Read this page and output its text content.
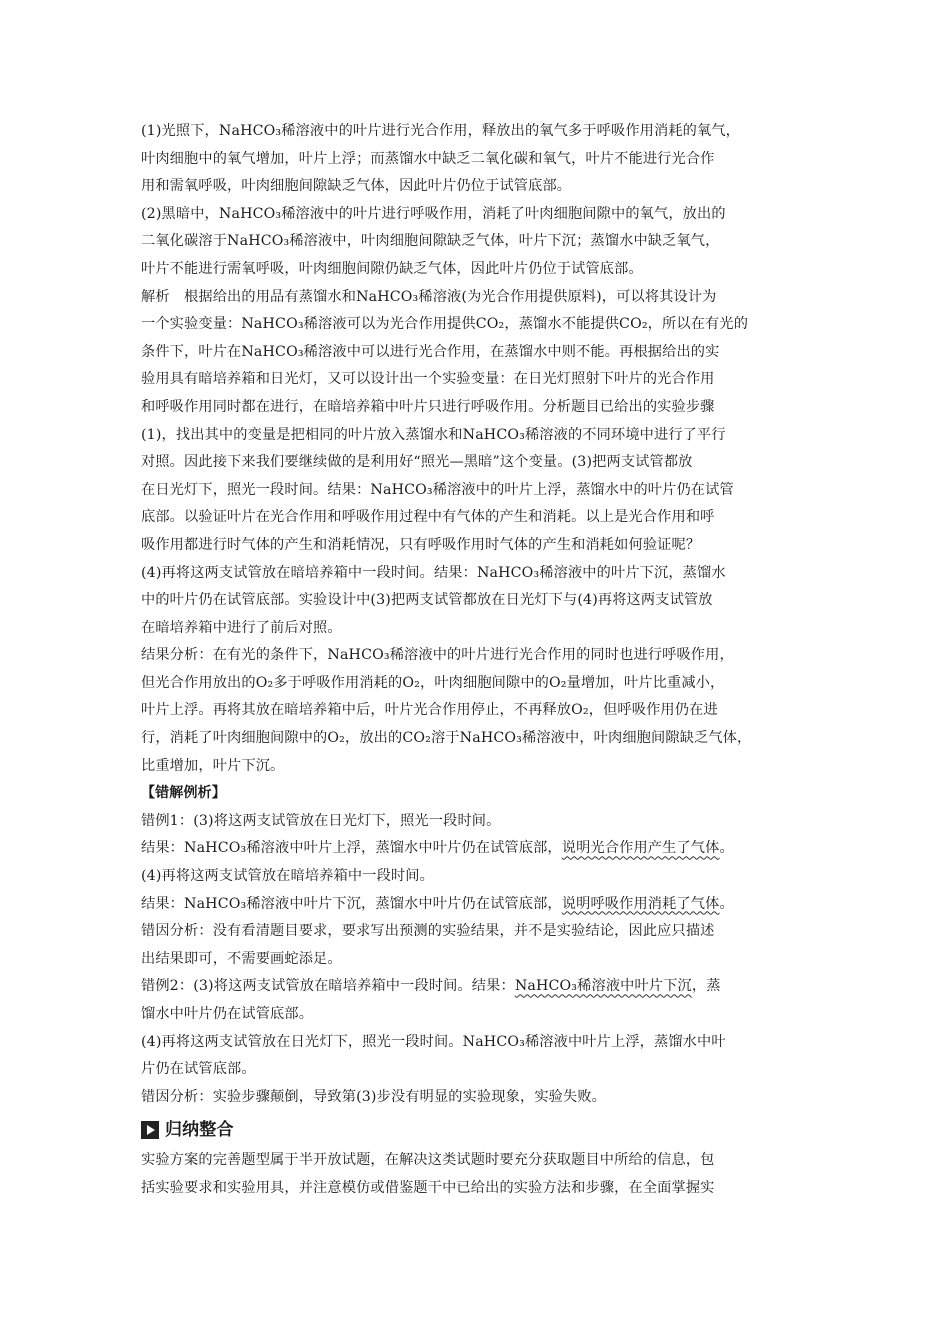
(1)光照下，NaHCO₃稀溶液中的叶片进行光合作用，释放出的氧气多于呼吸作用消耗的氧气，
叶肉细胞中的氧气增加，叶片上浮；而蒸馏水中缺乏二氧化碳和氧气，叶片不能进行光合作
用和需氧呼吸，叶肉细胞间隙缺乏气体，因此叶片仍位于试管底部。
(2)黑暗中，NaHCO₃稀溶液中的叶片进行呼吸作用，消耗了叶肉细胞间隙中的氧气，放出的
二氧化碳溶于NaHCO₃稀溶液中，叶肉细胞间隙缺乏气体，叶片下沉；蒸馏水中缺乏氧气，
叶片不能进行需氧呼吸，叶肉细胞间隙仍缺乏气体，因此叶片仍位于试管底部。
解析　根据给出的用品有蒸馏水和NaHCO₃稀溶液(为光合作用提供原料)，可以将其设计为
一个实验变量：NaHCO₃稀溶液可以为光合作用提供CO₂，蒸馏水不能提供CO₂，所以在有光的
条件下，叶片在NaHCO₃稀溶液中可以进行光合作用，在蒸馏水中则不能。再根据给出的实
验用具有暗培养箱和日光灯，又可以设计出一个实验变量：在日光灯照射下叶片的光合作用
和呼吸作用同时都在进行，在暗培养箱中叶片只进行呼吸作用。分析题目已给出的实验步骤
(1)，找出其中的变量是把相同的叶片放入蒸馏水和NaHCO₃稀溶液的不同环境中进行了平行
对照。因此接下来我们要继续做的是利用好“照光—黑暗”这个变量。(3)把两支试管都放
在日光灯下，照光一段时间。结果：NaHCO₃稀溶液中的叶片上浮，蒸馏水中的叶片仍在试管
底部。以验证叶片在光合作用和呼吸作用过程中有气体的产生和消耗。以上是光合作用和呼
吸作用都进行时气体的产生和消耗情况，只有呼吸作用时气体的产生和消耗如何验证呢？
(4)再将这两支试管放在暗培养箱中一段时间。结果：NaHCO₃稀溶液中的叶片下沉，蒸馏水
中的叶片仍在试管底部。实验设计中(3)把两支试管都放在日光灯下与(4)再将这两支试管放
在暗培养箱中进行了前后对照。
结果分析：在有光的条件下，NaHCO₃稀溶液中的叶片进行光合作用的同时也进行呼吸作用，
但光合作用放出的O₂多于呼吸作用消耗的O₂，叶肉细胞间隙中的O₂量增加，叶片比重减小，
叶片上浮。再将其放在暗培养箱中后，叶片光合作用停止，不再释放O₂，但呼吸作用仍在进
行，消耗了叶肉细胞间隙中的O₂，放出的CO₂溶于NaHCO₃稀溶液中，叶肉细胞间隙缺乏气体，
比重增加，叶片下沉。
【错解例析】
错例1：(3)将这两支试管放在日光灯下，照光一段时间。
结果：NaHCO₃稀溶液中叶片上浮，蒸馏水中叶片仍在试管底部，说明光合作用产生了气体。
(4)再将这两支试管放在暗培养箱中一段时间。
结果：NaHCO₃稀溶液中叶片下沉，蒸馏水中叶片仍在试管底部，说明呼吸作用消耗了气体。
错因分析：没有看清题目要求，要求写出预测的实验结果，并不是实验结论，因此应只描述
出结果即可，不需要画蛇添足。
错例2：(3)将这两支试管放在暗培养箱中一段时间。结果：NaHCO₃稀溶液中叶片下沉，蒸
馏水中叶片仍在试管底部。
(4)再将这两支试管放在日光灯下，照光一段时间。NaHCO₃稀溶液中叶片上浮，蒸馏水中叶
片仍在试管底部。
错因分析：实验步骤颠倒，导致第(3)步没有明显的实验现象，实验失败。
归纳整合
实验方案的完善题型属于半开放试题，在解决这类试题时要充分获取题目中所给的信息，包
括实验要求和实验用具，并注意模仿或借鉴题干中已给出的实验方法和步骤，在全面掌握实
